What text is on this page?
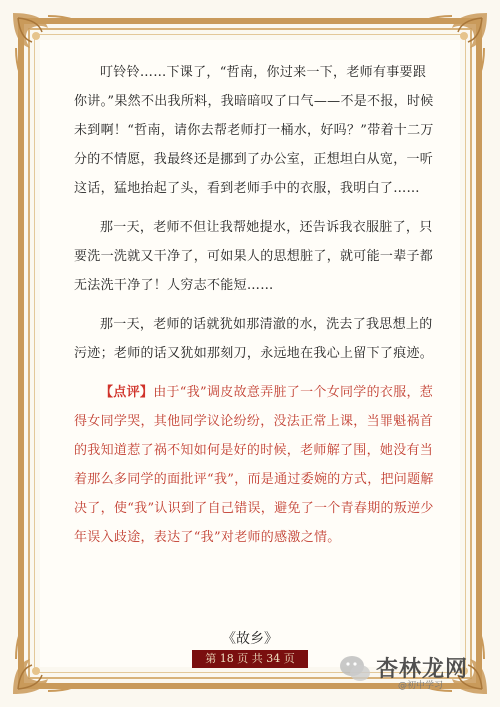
叮铃铃……下课了，“哲南，你过来一下，老师有事要跟你讲。”果然不出我所料，我暗暗叹了口气——不是不报，时候未到啊！“哲南，请你去帮老师打一桶水，好吗？”带着十二万分的不情愿，我最终还是挪到了办公室，正想坦白从宽，一听这话，猛地抬起了头，看到老师手中的衣服，我明白了……

那一天，老师不但让我帮她提水，还告诉我衣服脏了，只要洗一洗就又干净了，可如果人的思想脏了，就可能一辈子都无法洗干净了！人穷志不能短……

那一天，老师的话就犹如那清澈的水，洗去了我思想上的污迹；老师的话又犹如那刻刀，永远地在我心上留下了痕迹。

【点评】由于“我”调皮故意弄脏了一个女同学的衣服，惹得女同学哭，其他同学议论纷纷，没法正常上课，当罪魁祸首的我知道惹了祸不知如何是好的时候，老师解了围，她没有当着那么多同学的面批评“我”，而是通过委婉的方式，把问题解决了，使“我”认识到了自己错误，避免了一个青春期的叛逆少年误入歧途，表达了“我”对老师的感激之情。

《故乡》
第 18 页 共 34 页	杏林龙网
@初中学习
